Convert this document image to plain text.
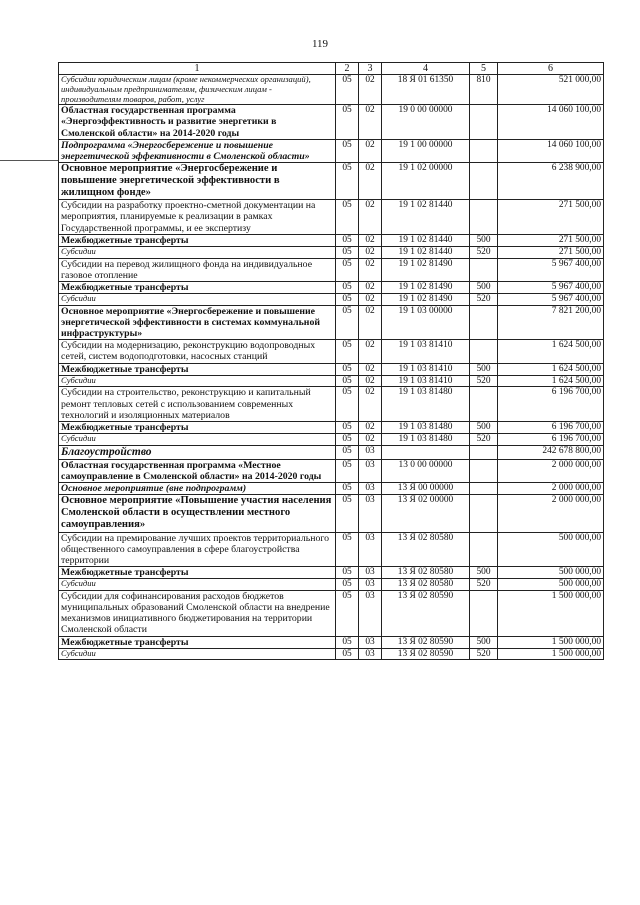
119
1	2	3	4	5	6
Субсидии юридическим лицам (кроме некоммерческих организаций), индивидуальным предпринимателям, физическим лицам - производителям товаров, работ, услуг	05	02	18 Я 01 61350	810	521 000,00
Областная государственная программа «Энергоэффективность и развитие энергетики в Смоленской области» на 2014-2020 годы	05	02	19 0 00 00000		14 060 100,00
Подпрограмма «Энергосбережение и повышение энергетической эффективности в Смоленской области»	05	02	19 1 00 00000		14 060 100,00
Основное мероприятие «Энергосбережение и повышение энергетической эффективности в жилищном фонде»	05	02	19 1 02 00000		6 238 900,00
Субсидии на разработку проектно-сметной документации на мероприятия, планируемые к реализации в рамках Государственной программы, и ее экспертизу	05	02	19 1 02 81440		271 500,00
Межбюджетные трансферты	05	02	19 1 02 81440	500	271 500,00
Субсидии	05	02	19 1 02 81440	520	271 500,00
Субсидии на перевод жилищного фонда на индивидуальное газовое отопление	05	02	19 1 02 81490		5 967 400,00
Межбюджетные трансферты	05	02	19 1 02 81490	500	5 967 400,00
Субсидии	05	02	19 1 02 81490	520	5 967 400,00
Основное мероприятие «Энергосбережение и повышение энергетической эффективности в системах коммунальной инфраструктуры»	05	02	19 1 03 00000		7 821 200,00
Субсидии на модернизацию, реконструкцию водопроводных сетей, систем водоподготовки, насосных станций	05	02	19 1 03 81410		1 624 500,00
Межбюджетные трансферты	05	02	19 1 03 81410	500	1 624 500,00
Субсидии	05	02	19 1 03 81410	520	1 624 500,00
Субсидии на строительство, реконструкцию и капитальный ремонт тепловых сетей с использованием современных технологий и изоляционных материалов	05	02	19 1 03 81480		6 196 700,00
Межбюджетные трансферты	05	02	19 1 03 81480	500	6 196 700,00
Субсидии	05	02	19 1 03 81480	520	6 196 700,00
Благоустройство	05	03			242 678 800,00
Областная государственная программа «Местное самоуправление в Смоленской области» на 2014-2020 годы	05	03	13 0 00 00000		2 000 000,00
Основное мероприятие (вне подпрограмм)	05	03	13 Я 00 00000		2 000 000,00
Основное мероприятие «Повышение участия населения Смоленской области в осуществлении местного самоуправления»	05	03	13 Я 02 00000		2 000 000,00
Субсидии на премирование лучших проектов территориального общественного самоуправления в сфере благоустройства территории	05	03	13 Я 02 80580		500 000,00
Межбюджетные трансферты	05	03	13 Я 02 80580	500	500 000,00
Субсидии	05	03	13 Я 02 80580	520	500 000,00
Субсидии для софинансирования расходов бюджетов муниципальных образований Смоленской области на внедрение механизмов инициативного бюджетирования на территории Смоленской области	05	03	13 Я 02 80590		1 500 000,00
Межбюджетные трансферты	05	03	13 Я 02 80590	500	1 500 000,00
Субсидии	05	03	13 Я 02 80590	520	1 500 000,00
